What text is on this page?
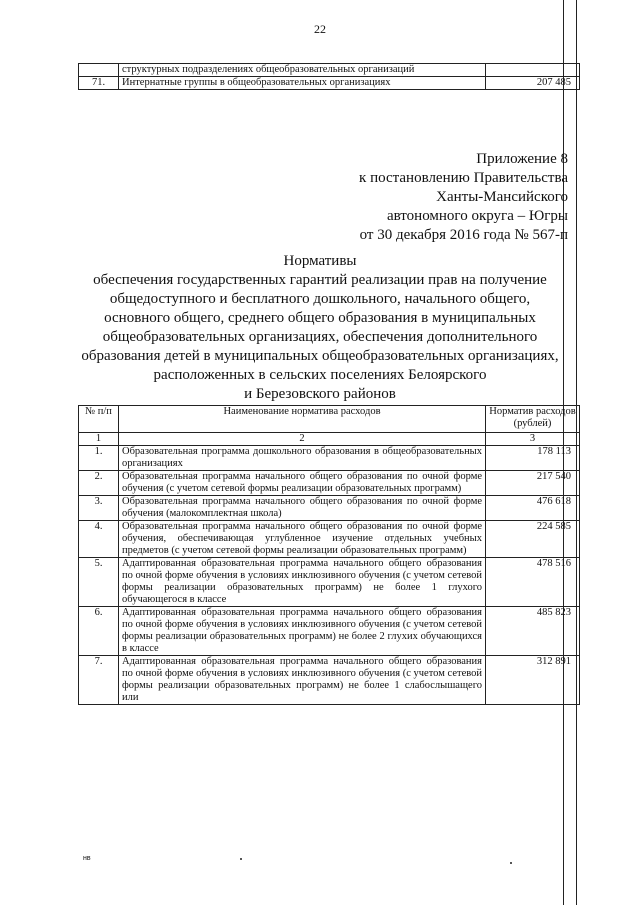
22
	структурных подразделениях общеобразовательных организаций	
71.	Интернатные группы в общеобразовательных организациях	207 485
Приложение 8
к постановлению Правительства
Ханты-Мансийского
автономного округа – Югры
от 30 декабря 2016 года № 567-п
Нормативы
обеспечения государственных гарантий реализации прав на получение
общедоступного и бесплатного дошкольного, начального общего,
основного общего, среднего общего образования в муниципальных
общеобразовательных организациях, обеспечения дополнительного
образования детей в муниципальных общеобразовательных организациях,
расположенных в сельских поселениях Белоярского
и Березовского районов
№ п/п	Наименование норматива расходов	Норматив расходов (рублей)
1	2	3
1.	Образовательная программа дошкольного образования в общеобразовательных организациях	178 113
2.	Образовательная программа начального общего образования по очной форме обучения (с учетом сетевой формы реализации образовательных программ)	217 540
3.	Образовательная программа начального общего образования по очной форме обучения (малокомплектная школа)	476 618
4.	Образовательная программа начального общего образования по очной форме обучения, обеспечивающая углубленное изучение отдельных учебных предметов (с учетом сетевой формы реализации образовательных программ)	224 585
5.	Адаптированная образовательная программа начального общего образования по очной форме обучения в условиях инклюзивного обучения (с учетом сетевой формы реализации образовательных программ) не более 1 глухого обучающегося в классе	478 516
6.	Адаптированная образовательная программа начального общего образования по очной форме обучения в условиях инклюзивного обучения (с учетом сетевой формы реализации образовательных программ) не более 2 глухих обучающихся в классе	485 823
7.	Адаптированная образовательная программа начального общего образования по очной форме обучения в условиях инклюзивного обучения (с учетом сетевой формы реализации образовательных программ) не более 1 слабослышащего или	312 891
нв
